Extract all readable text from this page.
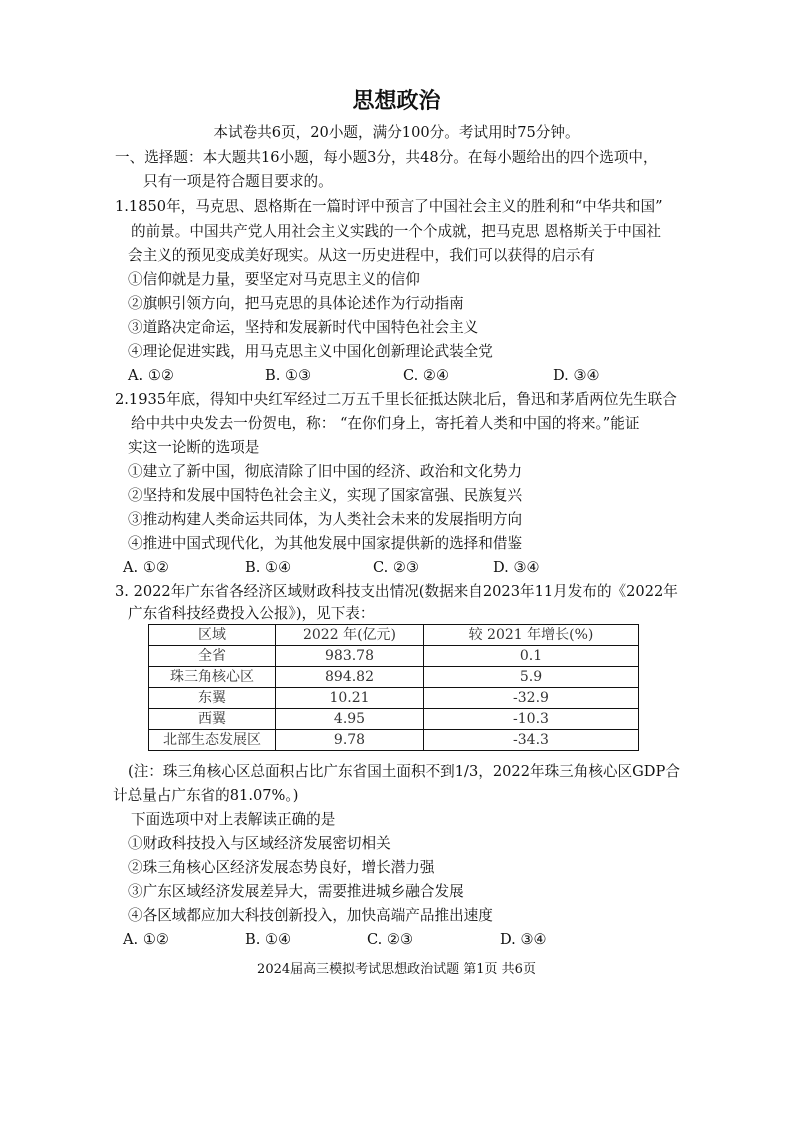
思想政治
本试卷共6页，20小题，满分100分。考试用时75分钟。
一、选择题：本大题共16小题，每小题3分，共48分。在每小题给出的四个选项中，
只有一项是符合题目要求的。
1.1850年，马克思、恩格斯在一篇时评中预言了中国社会主义的胜利和“中华共和国”
的前景。中国共产党人用社会主义实践的一个个成就，把马克思 恩格斯关于中国社
会主义的预见变成美好现实。从这一历史进程中，我们可以获得的启示有
①信仰就是力量，要坚定对马克思主义的信仰
②旗帜引领方向，把马克思的具体论述作为行动指南
③道路决定命运，坚持和发展新时代中国特色社会主义
④理论促进实践，用马克思主义中国化创新理论武装全党
A. ①②	B. ①③	C. ②④	D. ③④
2.1935年底，得知中央红军经过二万五千里长征抵达陕北后，鲁迅和茅盾两位先生联合
给中共中央发去一份贺电，称： “在你们身上，寄托着人类和中国的将来。”能证
实这一论断的选项是
①建立了新中国，彻底清除了旧中国的经济、政治和文化势力
②坚持和发展中国特色社会主义，实现了国家富强、民族复兴
③推动构建人类命运共同体，为人类社会未来的发展指明方向
④推进中国式现代化，为其他发展中国家提供新的选择和借鉴
A. ①②	B. ①④	C. ②③	D. ③④
3. 2022年广东省各经济区域财政科技支出情况(数据来自2023年11月发布的《2022年
广东省科技经费投入公报》)，见下表：
区域	2022 年(亿元)	较 2021 年增长(%)
全省	983.78	0.1
珠三角核心区	894.82	5.9
东翼	10.21	-32.9
西翼	4.95	-10.3
北部生态发展区	9.78	-34.3
(注：珠三角核心区总面积占比广东省国土面积不到1/3，2022年珠三角核心区GDP合
计总量占广东省的81.07%。)
下面选项中对上表解读正确的是
①财政科技投入与区域经济发展密切相关
②珠三角核心区经济发展态势良好，增长潜力强
③广东区域经济发展差异大，需要推进城乡融合发展
④各区域都应加大科技创新投入，加快高端产品推出速度
A. ①②	B. ①④	C. ②③	D. ③④
2024届高三模拟考试思想政治试题 第1页 共6页
